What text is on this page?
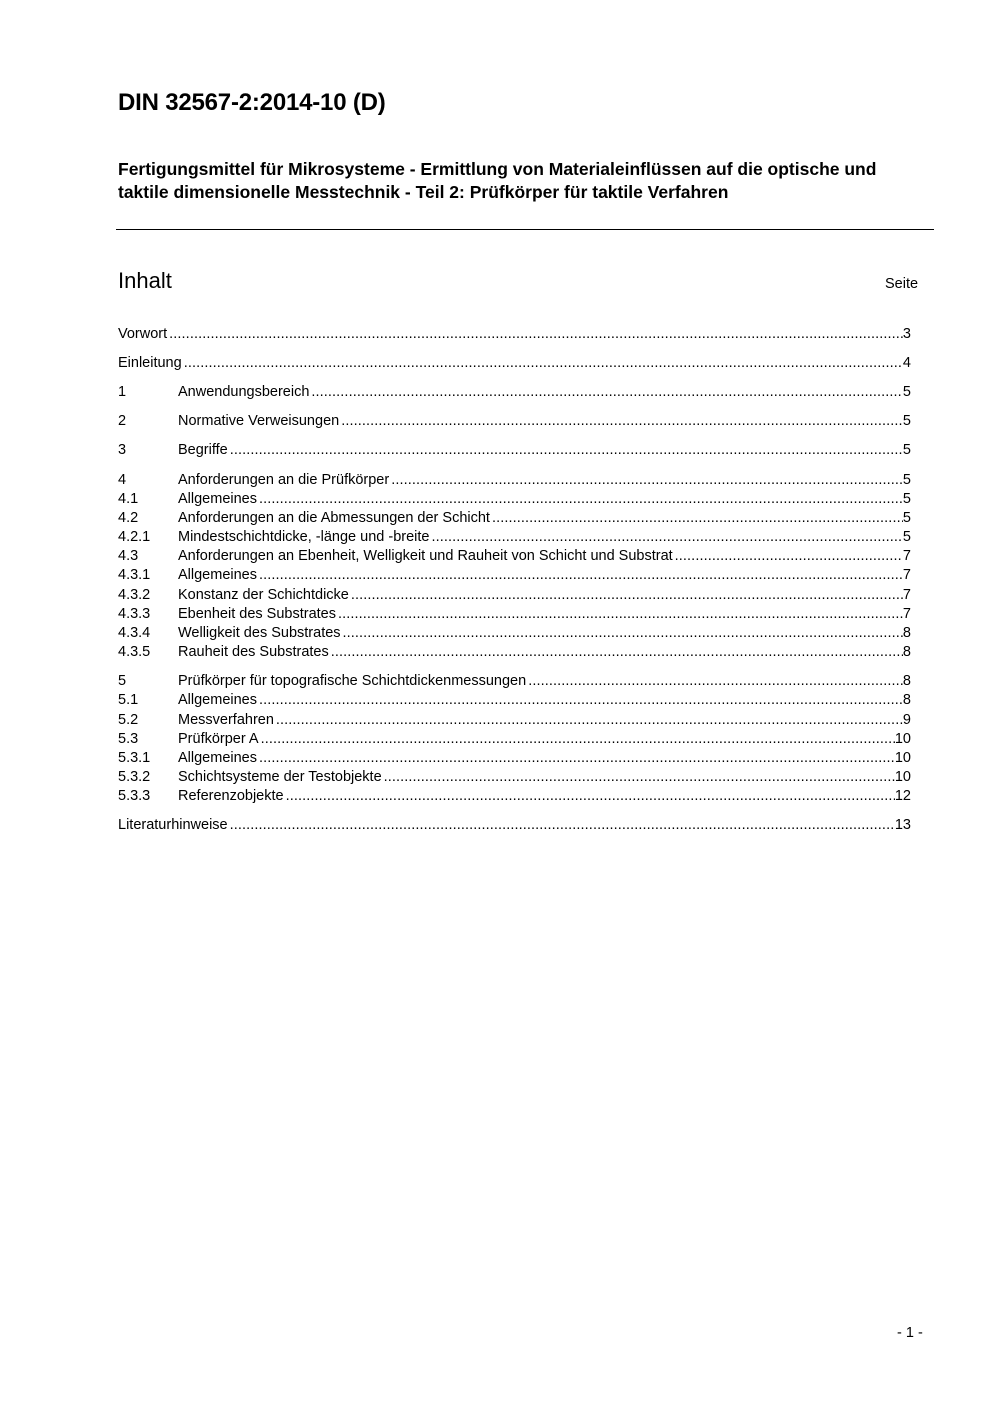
DIN 32567-2:2014-10 (D)
Fertigungsmittel für Mikrosysteme - Ermittlung von Materialeinflüssen auf die optische und taktile dimensionelle Messtechnik - Teil 2: Prüfkörper für taktile Verfahren
Inhalt	Seite
Vorwort .....	3
Einleitung .....	4
1	Anwendungsbereich .....	5
2	Normative Verweisungen .....	5
3	Begriffe .....	5
4	Anforderungen an die Prüfkörper .....	5
4.1	Allgemeines .....	5
4.2	Anforderungen an die Abmessungen der Schicht .....	5
4.2.1	Mindestschichtdicke, -länge und -breite .....	5
4.3	Anforderungen an Ebenheit, Welligkeit und Rauheit von Schicht und Substrat .....	7
4.3.1	Allgemeines .....	7
4.3.2	Konstanz der Schichtdicke .....	7
4.3.3	Ebenheit des Substrates .....	7
4.3.4	Welligkeit des Substrates .....	8
4.3.5	Rauheit des Substrates .....	8
5	Prüfkörper für topografische Schichtdickenmessungen .....	8
5.1	Allgemeines .....	8
5.2	Messverfahren .....	9
5.3	Prüfkörper A .....	10
5.3.1	Allgemeines .....	10
5.3.2	Schichtsysteme der Testobjekte .....	10
5.3.3	Referenzobjekte .....	12
Literaturhinweise .....	13
- 1 -
